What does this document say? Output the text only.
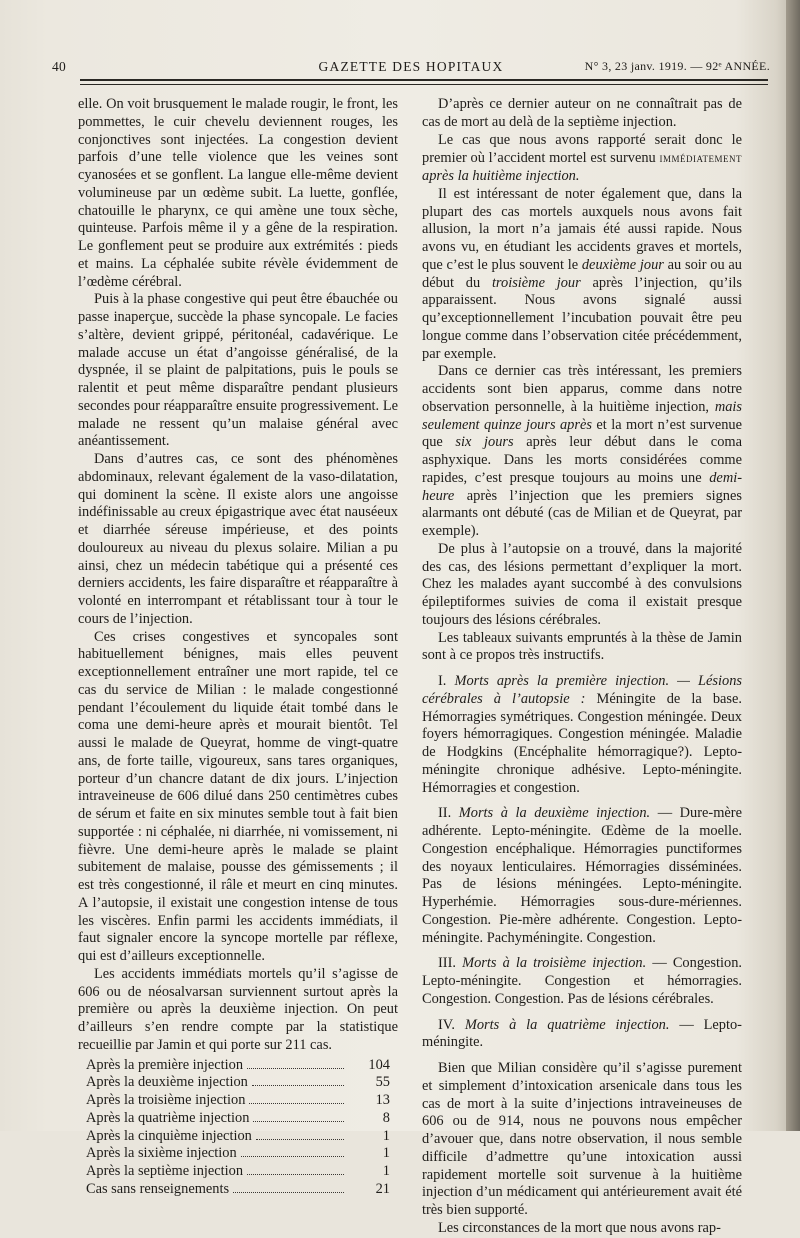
40	GAZETTE DES HOPITAUX	N° 3, 23 janv. 1919. — 92ᵉ ANNÉE.

elle. On voit brusquement le malade rougir, le front, les pommettes, le cuir chevelu deviennent rouges, les conjonctives sont injectées. La congestion devient parfois d’une telle violence que les veines sont cyanosées et se gonflent. La langue elle-même devient volumineuse par un œdème subit. La luette, gonflée, chatouille le pharynx, ce qui amène une toux sèche, quinteuse. Parfois même il y a gêne de la respiration. Le gonflement peut se produire aux extrémités : pieds et mains. La céphalée subite révèle évidemment de l’œdème cérébral.

Puis à la phase congestive qui peut être ébauchée ou passe inaperçue, succède la phase syncopale. Le facies s’altère, devient grippé, péritonéal, cadavérique. Le malade accuse un état d’angoisse généralisé, de la dyspnée, il se plaint de palpitations, puis le pouls se ralentit et peut même disparaître pendant plusieurs secondes pour réapparaître ensuite progressivement. Le malade ne ressent qu’un malaise général avec anéantissement.

Dans d’autres cas, ce sont des phénomènes abdominaux, relevant également de la vaso-dilatation, qui dominent la scène. Il existe alors une angoisse indéfinissable au creux épigastrique avec état nauséeux et diarrhée séreuse impérieuse, et des points douloureux au niveau du plexus solaire. Milian a pu ainsi, chez un médecin tabétique qui a présenté ces derniers accidents, les faire disparaître et réapparaître à volonté en interrompant et rétablissant tour à tour le cours de l’injection.

Ces crises congestives et syncopales sont habituellement bénignes, mais elles peuvent exceptionnellement entraîner une mort rapide, tel ce cas du service de Milian : le malade congestionné pendant l’écoulement du liquide était tombé dans le coma une demi-heure après et mourait bientôt. Tel aussi le malade de Queyrat, homme de vingt-quatre ans, de forte taille, vigoureux, sans tares organiques, porteur d’un chancre datant de dix jours. L’injection intraveineuse de 606 dilué dans 250 centimètres cubes de sérum et faite en six minutes semble tout à fait bien supportée : ni céphalée, ni diarrhée, ni vomissement, ni fièvre. Une demi-heure après le malade se plaint subitement de malaise, pousse des gémissements ; il est très congestionné, il râle et meurt en cinq minutes. A l’autopsie, il existait une congestion intense de tous les viscères. Enfin parmi les accidents immédiats, il faut signaler encore la syncope mortelle par réflexe, qui est d’ailleurs exceptionnelle.

Les accidents immédiats mortels qu’il s’agisse de 606 ou de néosalvarsan surviennent surtout après la première ou après la deuxième injection. On peut d’ailleurs s’en rendre compte par la statistique recueillie par Jamin et qui porte sur 211 cas.

Après la première injection	104
Après la deuxième injection	55
Après la troisième injection	13
Après la quatrième injection	8
Après la cinquième injection	1
Après la sixième injection	1
Après la septième injection	1
Cas sans renseignements	21

D’après ce dernier auteur on ne connaîtrait pas de cas de mort au delà de la septième injection.

Le cas que nous avons rapporté serait donc le premier où l’accident mortel est survenu immédiatement après la huitième injection.

Il est intéressant de noter également que, dans la plupart des cas mortels auxquels nous avons fait allusion, la mort n’a jamais été aussi rapide. Nous avons vu, en étudiant les accidents graves et mortels, que c’est le plus souvent le deuxième jour au soir ou au début du troisième jour après l’injection, qu’ils apparaissent. Nous avons signalé aussi qu’exceptionnellement l’incubation pouvait être peu longue comme dans l’observation citée précédemment, par exemple.

Dans ce dernier cas très intéressant, les premiers accidents sont bien apparus, comme dans notre observation personnelle, à la huitième injection, mais seulement quinze jours après et la mort n’est survenue que six jours après leur début dans le coma asphyxique. Dans les morts considérées comme rapides, c’est presque toujours au moins une demi-heure après l’injection que les premiers signes alarmants ont débuté (cas de Milian et de Queyrat, par exemple).

De plus à l’autopsie on a trouvé, dans la majorité des cas, des lésions permettant d’expliquer la mort. Chez les malades ayant succombé à des convulsions épileptiformes suivies de coma il existait presque toujours des lésions cérébrales.

Les tableaux suivants empruntés à la thèse de Jamin sont à ce propos très instructifs.

I. Morts après la première injection. — Lésions cérébrales à l’autopsie : Méningite de la base. Hémorragies symétriques. Congestion méningée. Deux foyers hémorragiques. Congestion méningée. Maladie de Hodgkins (Encéphalite hémorragique?). Lepto-méningite chronique adhésive. Lepto-méningite. Hémorragies et congestion.

II. Morts à la deuxième injection. — Dure-mère adhérente. Lepto-méningite. Œdème de la moelle. Congestion encéphalique. Hémorragies punctiformes des noyaux lenticulaires. Hémorragies disséminées. Pas de lésions méningées. Lepto-méningite. Hyperhémie. Hémorragies sous-dure-mériennes. Congestion. Pie-mère adhérente. Congestion. Lepto-méningite. Pachyméningite. Congestion.

III. Morts à la troisième injection. — Congestion. Lepto-méningite. Congestion et hémorragies. Congestion. Congestion. Pas de lésions cérébrales.

IV. Morts à la quatrième injection. — Lepto-méningite.

Bien que Milian considère qu’il s’agisse purement et simplement d’intoxication arsenicale dans tous les cas de mort à la suite d’injections intraveineuses de 606 ou de 914, nous ne pouvons nous empêcher d’avouer que, dans notre observation, il nous semble difficile d’admettre qu’une intoxication aussi rapidement mortelle soit survenue à la huitième injection d’un médicament qui antérieurement avait été très bien supporté.

Les circonstances de la mort que nous avons rap-
